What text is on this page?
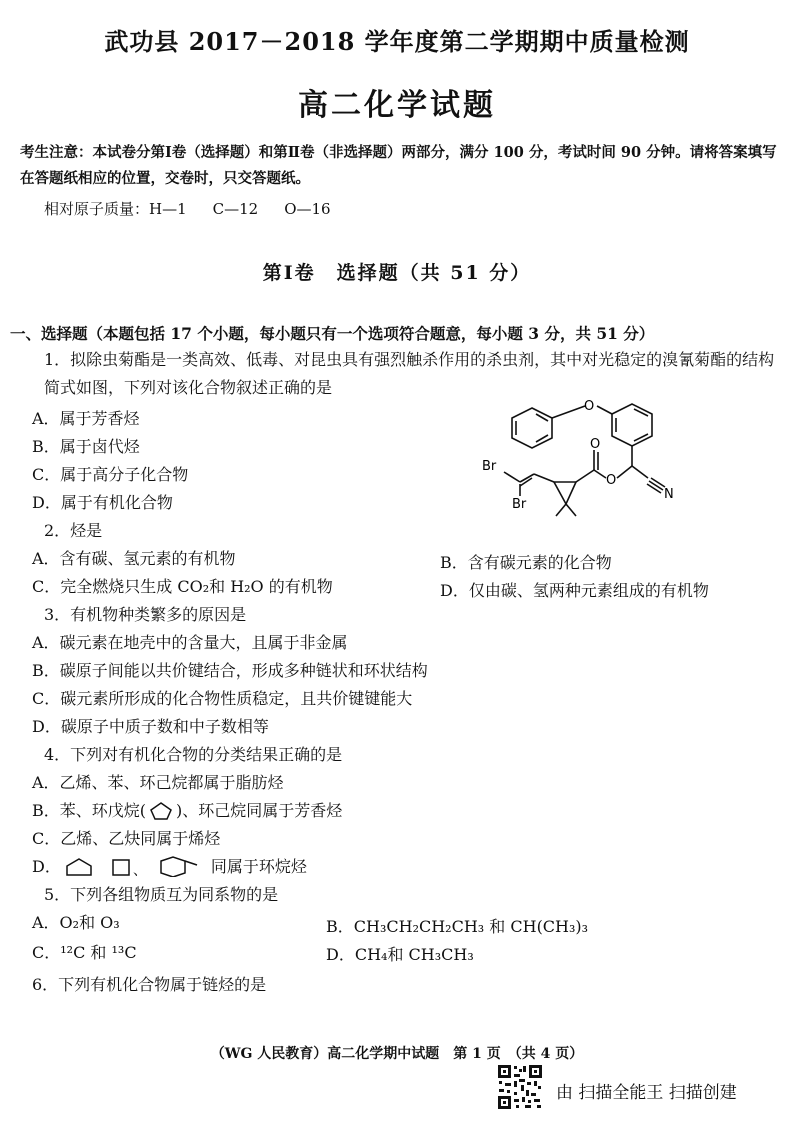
武功县 2017－2018 学年度第二学期期中质量检测
高二化学试题
考生注意：本试卷分第Ⅰ卷（选择题）和第Ⅱ卷（非选择题）两部分，满分 100 分，考试时间 90 分钟。请将答案填写在答题纸相应的位置，交卷时，只交答题纸。
相对原子质量：H—1 C—12 O—16
第Ⅰ卷　选择题（共 51 分）
一、选择题（本题包括 17 个小题，每小题只有一个选项符合题意，每小题 3 分，共 51 分）
1．拟除虫菊酯是一类高效、低毒、对昆虫具有强烈触杀作用的杀虫剂，其中对光稳定的溴氰菊酯的结构简式如图，下列对该化合物叙述正确的是
A．属于芳香烃
B．属于卤代烃
C．属于高分子化合物
D．属于有机化合物
O
O
O
N
Br
Br
2．烃是
A．含有碳、氢元素的有机物	B．含有碳元素的化合物
C．完全燃烧只生成 CO₂和 H₂O 的有机物	D．仅由碳、氢两种元素组成的有机物
3．有机物种类繁多的原因是
A．碳元素在地壳中的含量大，且属于非金属
B．碳原子间能以共价键结合，形成多种链状和环状结构
C．碳元素所形成的化合物性质稳定，且共价键键能大
D．碳原子中质子数和中子数相等
4．下列对有机化合物的分类结果正确的是
A．乙烯、苯、环己烷都属于脂肪烃
B．苯、环戊烷( )、环己烷同属于芳香烃
C．乙烯、乙炔同属于烯烃
D．	、	同属于环烷烃
5．下列各组物质互为同系物的是
A．O₂和 O₃	B．CH₃CH₂CH₂CH₃ 和 CH(CH₃)₃
C．¹²C 和 ¹³C	D．CH₄和 CH₃CH₃
6．下列有机化合物属于链烃的是
（WG 人民教育）高二化学期中试题　第 1 页　（共 4 页）
由 扫描全能王 扫描创建
